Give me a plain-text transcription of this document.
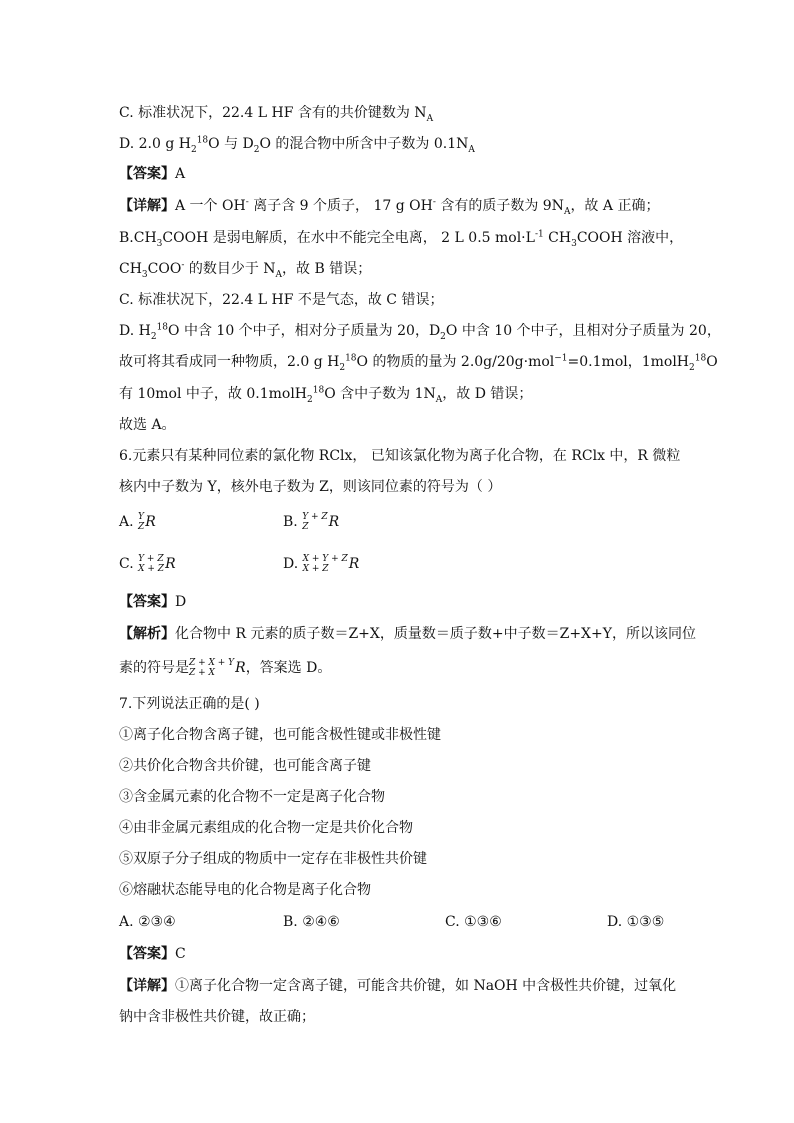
C. 标准状况下，22.4 L HF 含有的共价键数为 $N_A$
D. 2.0 g $H_2^{18}O$ 与 $D_2O$ 的混合物中所含中子数为 $0.1N_A$
【答案】A
【详解】A 一个 OH- 离子含 9 个质子， 17 g OH- 含有的质子数为 $9N_A$，故 A 正确；
$B.CH_3COOH$ 是弱电解质，在水中不能完全电离， 2 L 0.5 $mol\cdot L^{-1}$ $CH_3COOH$ 溶液中，
$CH_3COO^-$ 的数目少于 $N_A$，故 B 错误；
C. 标准状况下，22.4 L HF 不是气态，故 C 错误；
D. $H_2^{18}O$ 中含 10 个中子，相对分子质量为 20，$D_2O$ 中含 10 个中子，且相对分子质量为 20，
故可将其看成同一种物质，2.0 g $H_2^{18}O$ 的物质的量为 2.0g/20g·mol$^{-1}$=0.1mol，1molH$_2^{18}$O
有 10mol 中子，故 0.1molH$_2^{18}$O 含中子数为 $1N_A$，故 D 错误；
故选 A。
6.元素只有某种同位素的氯化物 RClx， 已知该氯化物为离子化合物，在 RClx 中，R 微粒
核内中子数为 Y，核外电子数为 Z，则该同位素的符号为（ ）
A. Y
Z R	B. Y + Z
Z	R
C. Y + Z
X + Z R	D. X + Y + Z
X + Z	R
【答案】D
【解析】化合物中 R 元素的质子数＝Z+X，质量数＝质子数+中子数＝Z+X+Y，所以该同位
素的符号是 Z + X + Y
Z + X	R ，答案选 D。
7.下列说法正确的是( )
①离子化合物含离子键，也可能含极性键或非极性键
②共价化合物含共价键，也可能含离子键
③含金属元素的化合物不一定是离子化合物
④由非金属元素组成的化合物一定是共价化合物
⑤双原子分子组成的物质中一定存在非极性共价键
⑥熔融状态能导电的化合物是离子化合物
A. ②③④	B. ②④⑥	C. ①③⑥	D. ①③⑤
【答案】C
【详解】①离子化合物一定含离子键，可能含共价键，如 NaOH 中含极性共价键，过氧化
钠中含非极性共价键，故正确；
